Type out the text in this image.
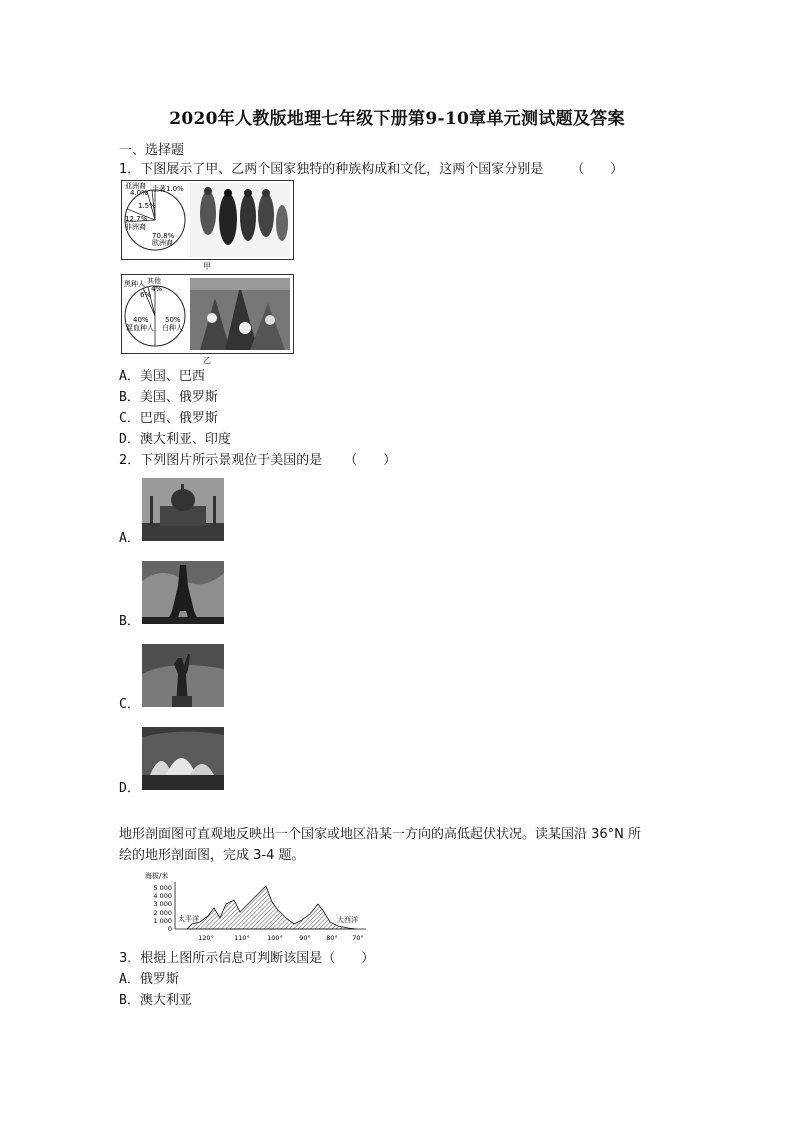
2020年人教版地理七年级下册第9-10章单元测试题及答案
一、选择题
1．下图展示了甲、乙两个国家独特的种族构成和文化，这两个国家分别是 （　　）
亚洲裔
4.0% 土著1.0%
1.5%
12.7%
非洲裔
70.8%
欧洲裔
甲
黑种人 其他
6%
4%
40%
混血种人
50%
白种人
乙
A．美国、巴西
B．美国、俄罗斯
C．巴西、俄罗斯
D．澳大利亚、印度
2．下列图片所示景观位于美国的是 （　　）
A．
B．
C．
D．
地形剖面图可直观地反映出一个国家或地区沿某一方向的高低起伏状况。读某国沿 36°N 所
绘的地形剖面图，完成 3-4 题。
海拔/米
5 000
4 000
3 000
2 000
1 000
0
太平洋	大西洋
120°	110°	100°	90° 80° 70°
3．根据上图所示信息可判断该国是（　　）
A．俄罗斯
B．澳大利亚
